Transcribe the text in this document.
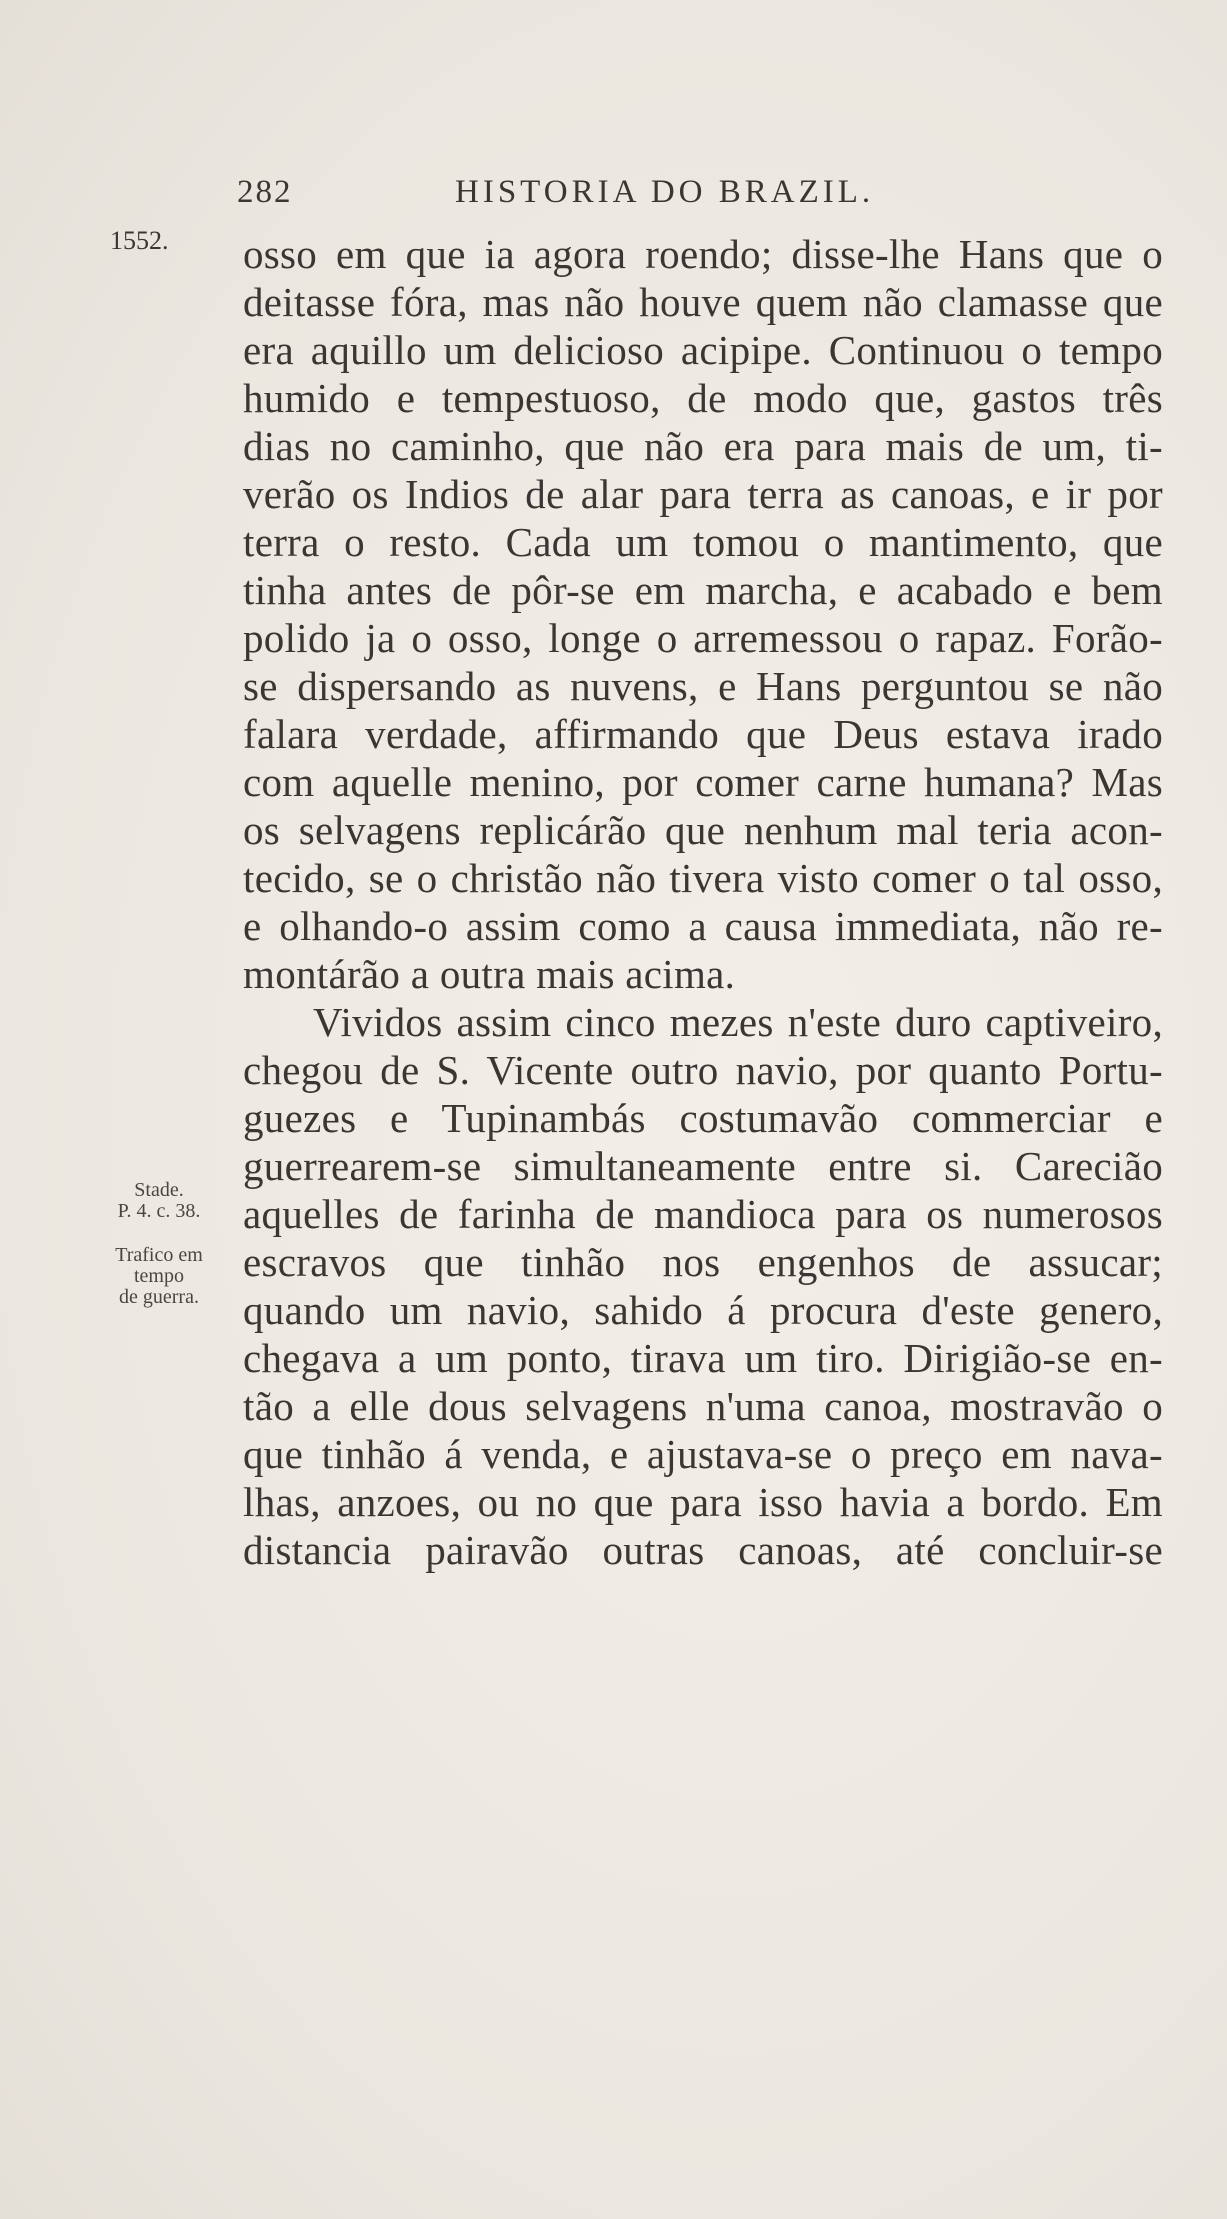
282	HISTORIA DO BRAZIL.
1552. osso em que ia agora roendo; disse-lhe Hans que o
deitasse fóra, mas não houve quem não clamasse que
era aquillo um delicioso acipipe. Continuou o tempo
humido e tempestuoso, de modo que, gastos três
dias no caminho, que não era para mais de um, ti-
verão os Indios de alar para terra as canoas, e ir por
terra o resto. Cada um tomou o mantimento, que
tinha antes de pôr-se em marcha, e acabado e bem
polido ja o osso, longe o arremessou o rapaz. Forão-
se dispersando as nuvens, e Hans perguntou se não
falara verdade, affirmando que Deus estava irado
com aquelle menino, por comer carne humana? Mas
os selvagens replicárão que nenhum mal teria acon-
tecido, se o christão não tivera visto comer o tal osso,
e olhando-o assim como a causa immediata, não re-
montárão a outra mais acima.
Vividos assim cinco mezes n'este duro captiveiro,
chegou de S. Vicente outro navio, por quanto Portu-
guezes e Tupinambás costumavão commerciar e
guerrearem-se simultaneamente entre si. Carecião
aquelles de farinha de mandioca para os numerosos
escravos que tinhão nos engenhos de assucar;
quando um navio, sahido á procura d'este genero,
chegava a um ponto, tirava um tiro. Dirigião-se en-
tão a elle dous selvagens n'uma canoa, mostravão o
que tinhão á venda, e ajustava-se o preço em nava-
lhas, anzoes, ou no que para isso havia a bordo. Em
distancia pairavão outras canoas, até concluir-se
Stade.
P. 4. c. 38.
Trafico em
tempo
de guerra.
